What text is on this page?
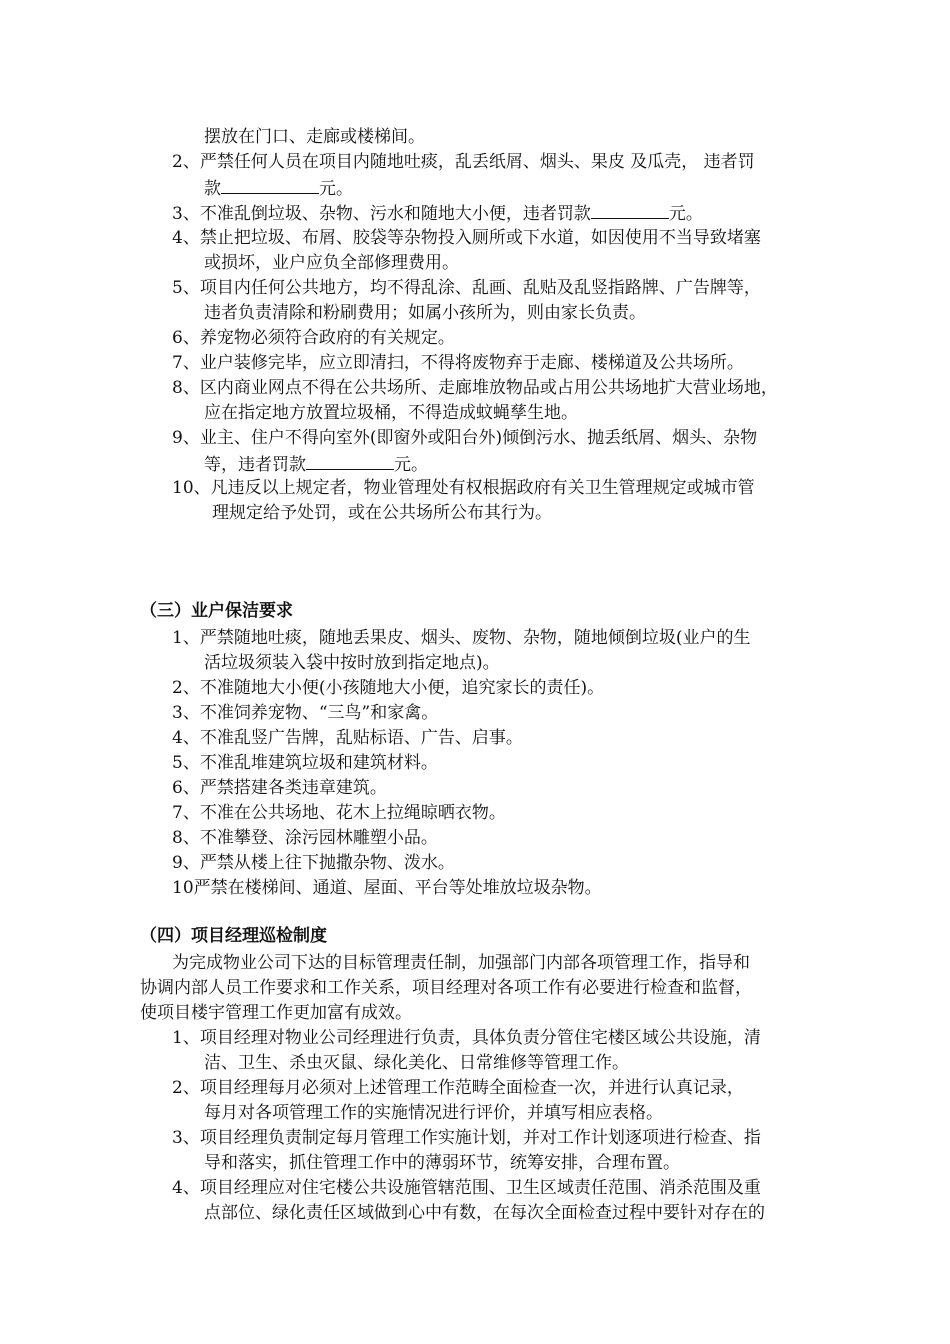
摆放在门口、走廊或楼梯间。
2、严禁任何人员在项目内随地吐痰，乱丢纸屑、烟头、果皮 及瓜壳， 违者罚
款	元。
3、不准乱倒垃圾、杂物、污水和随地大小便，违者罚款	元。
4、禁止把垃圾、布屑、胶袋等杂物投入厕所或下水道，如因使用不当导致堵塞
或损坏，业户应负全部修理费用。
5、项目内任何公共地方，均不得乱涂、乱画、乱贴及乱竖指路牌、广告牌等，
违者负责清除和粉刷费用；如属小孩所为，则由家长负责。
6、养宠物必须符合政府的有关规定。
7、业户装修完毕，应立即清扫，不得将废物弃于走廊、楼梯道及公共场所。
8、区内商业网点不得在公共场所、走廊堆放物品或占用公共场地扩大营业场地，
应在指定地方放置垃圾桶，不得造成蚊蝇孳生地。
9、业主、住户不得向室外(即窗外或阳台外)倾倒污水、抛丢纸屑、烟头、杂物
等，违者罚款	元。
10、凡违反以上规定者，物业管理处有权根据政府有关卫生管理规定或城市管
理规定给予处罚，或在公共场所公布其行为。
（三）业户保洁要求
1、严禁随地吐痰，随地丢果皮、烟头、废物、杂物，随地倾倒垃圾(业户的生
活垃圾须装入袋中按时放到指定地点)。
2、不准随地大小便(小孩随地大小便，追究家长的责任)。
3、不准饲养宠物、“三鸟”和家禽。
4、不准乱竖广告牌，乱贴标语、广告、启事。
5、不准乱堆建筑垃圾和建筑材料。
6、严禁搭建各类违章建筑。
7、不准在公共场地、花木上拉绳晾晒衣物。
8、不准攀登、涂污园林雕塑小品。
9、严禁从楼上往下抛撒杂物、泼水。
10严禁在楼梯间、通道、屋面、平台等处堆放垃圾杂物。
（四）项目经理巡检制度
为完成物业公司下达的目标管理责任制，加强部门内部各项管理工作，指导和
协调内部人员工作要求和工作关系，项目经理对各项工作有必要进行检查和监督，
使项目楼宇管理工作更加富有成效。
1、项目经理对物业公司经理进行负责，具体负责分管住宅楼区域公共设施，清
洁、卫生、杀虫灭鼠、绿化美化、日常维修等管理工作。
2、项目经理每月必须对上述管理工作范畴全面检查一次，并进行认真记录，
每月对各项管理工作的实施情况进行评价，并填写相应表格。
3、项目经理负责制定每月管理工作实施计划，并对工作计划逐项进行检查、指
导和落实，抓住管理工作中的薄弱环节，统筹安排，合理布置。
4、项目经理应对住宅楼公共设施管辖范围、卫生区域责任范围、消杀范围及重
点部位、绿化责任区域做到心中有数，在每次全面检查过程中要针对存在的
